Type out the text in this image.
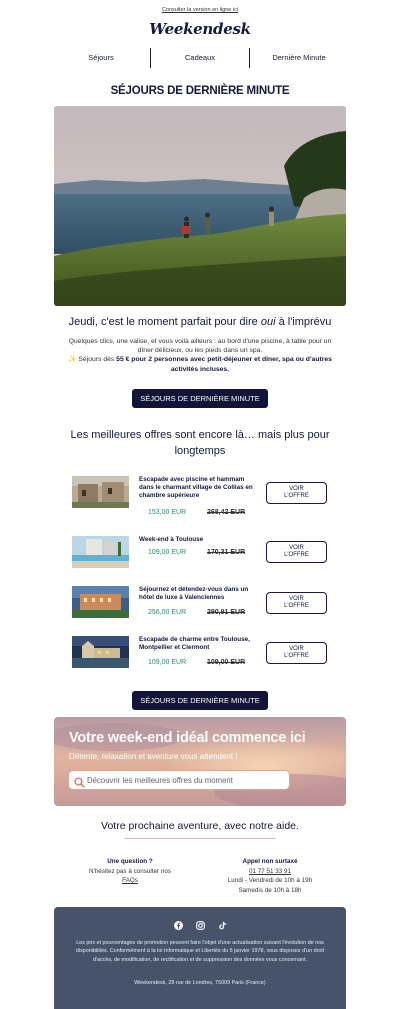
Consulter la version en ligne ici
Weekendesk
Séjours	Cadeaux	Dernière Minute
SÉJOURS DE DERNIÈRE MINUTE
Jeudi, c'est le moment parfait pour dire oui à l'imprévu
Quelques clics, une valise, et vous voilà ailleurs : au bord d'une piscine, à table pour un dîner délicieux, ou les pieds dans un spa.
✨ Séjours dès 55 € pour 2 personnes avec petit-déjeuner et dîner, spa ou d'autres activités incluses.
SÉJOURS DE DERNIÈRE MINUTE
Les meilleures offres sont encore là… mais plus pour longtemps
Escapade avec piscine et hammam dans le charmant village de Collias en chambre supérieure
153,00 EUR	268,42 EUR
VOIR
L'OFFRE
Week-end à Toulouse
109,00 EUR	170,31 EUR
VOIR
L'OFFRE
Séjournez et détendez-vous dans un hôtel de luxe à Valenciennes
256,00 EUR	290,91 EUR
VOIR
L'OFFRE
Escapade de charme entre Toulouse, Montpellier et Clermont
109,00 EUR	109,00 EUR
VOIR
L'OFFRE
SÉJOURS DE DERNIÈRE MINUTE
Votre week-end idéal commence ici
Détente, relaxation et aventure vous attendent !
Découvrir les meilleures offres du moment
Votre prochaine aventure, avec notre aide.
Une question ?
N'hésitez pas à consulter nos
FAQs
Appel non surtaxé
01 77 51 33 91
Lundi - Vendredi de 10h à 19h
Samedis de 10h à 18h
Les prix et pourcentages de promotion peuvent faire l'objet d'une actualisation suivant l'évolution de nos disponibilités. Conformément à la loi Informatique et Libertés du 6 janvier 1978, vous disposez d'un droit d'accès, de modification, de rectification et de suppression des données vous concernant.
Weekendesk, 28 rue de Londres, 75009 Paris (France)
